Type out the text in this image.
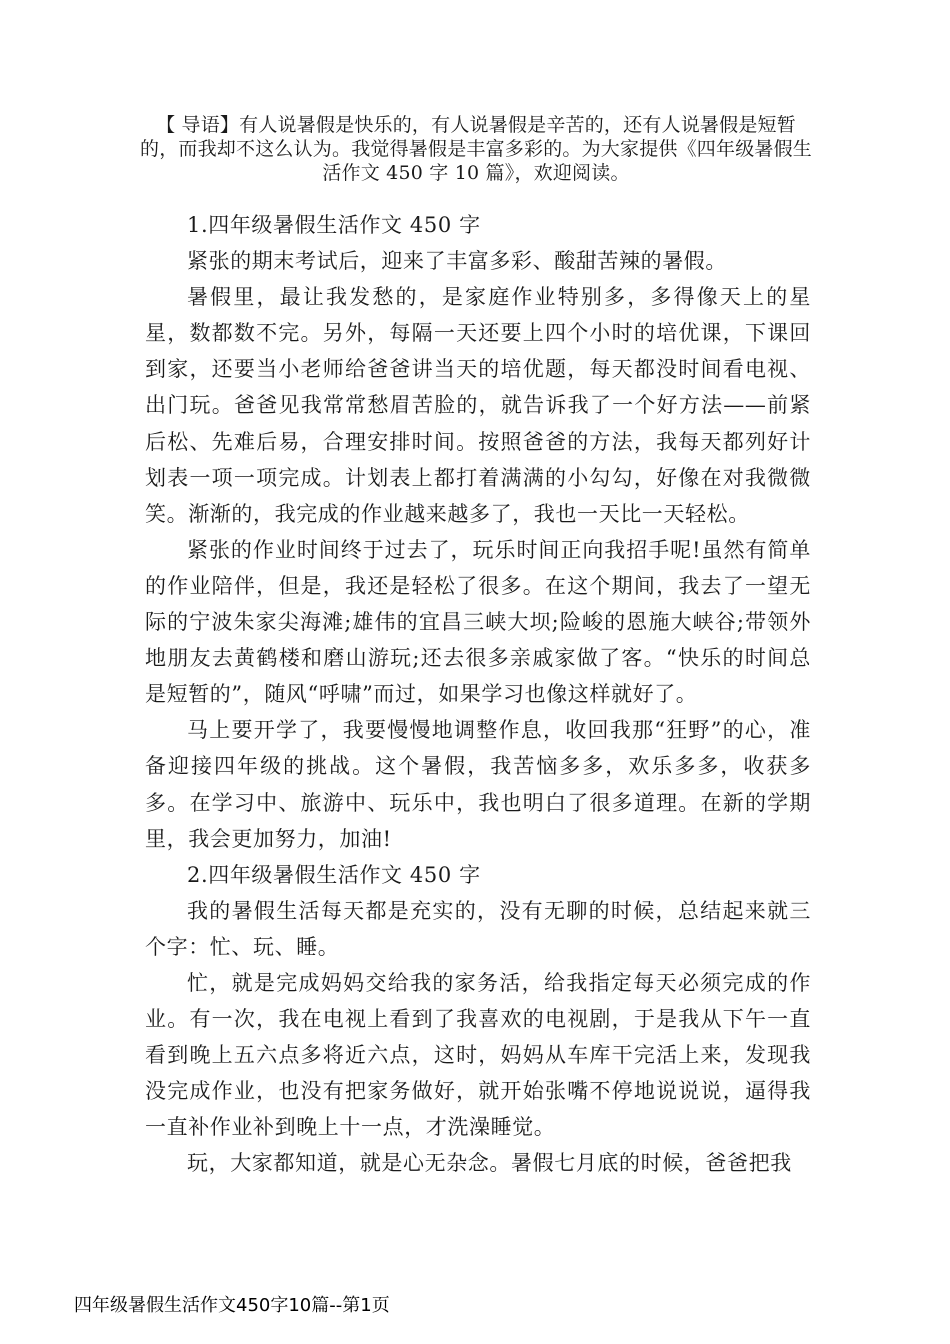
【 导语】有人说暑假是快乐的，有人说暑假是辛苦的，还有人说暑假是短暂的，而我却不这么认为。我觉得暑假是丰富多彩的。为大家提供《四年级暑假生活作文 450 字 10 篇》，欢迎阅读。

1.四年级暑假生活作文 450 字

紧张的期末考试后，迎来了丰富多彩、酸甜苦辣的暑假。

暑假里，最让我发愁的，是家庭作业特别多，多得像天上的星星，数都数不完。另外，每隔一天还要上四个小时的培优课，下课回到家，还要当小老师给爸爸讲当天的培优题，每天都没时间看电视、出门玩。爸爸见我常常愁眉苦脸的，就告诉我了一个好方法——前紧后松、先难后易，合理安排时间。按照爸爸的方法，我每天都列好计划表一项一项完成。计划表上都打着满满的小勾勾，好像在对我微微笑。渐渐的，我完成的作业越来越多了，我也一天比一天轻松。

紧张的作业时间终于过去了，玩乐时间正向我招手呢!虽然有简单的作业陪伴，但是，我还是轻松了很多。在这个期间，我去了一望无际的宁波朱家尖海滩;雄伟的宜昌三峡大坝;险峻的恩施大峡谷;带领外地朋友去黄鹤楼和磨山游玩;还去很多亲戚家做了客。“快乐的时间总是短暂的”，随风“呼啸”而过，如果学习也像这样就好了。

马上要开学了，我要慢慢地调整作息，收回我那“狂野”的心，准备迎接四年级的挑战。这个暑假，我苦恼多多，欢乐多多，收获多多。在学习中、旅游中、玩乐中，我也明白了很多道理。在新的学期里，我会更加努力，加油!

2.四年级暑假生活作文 450 字

我的暑假生活每天都是充实的，没有无聊的时候，总结起来就三个字：忙、玩、睡。

忙，就是完成妈妈交给我的家务活，给我指定每天必须完成的作业。有一次，我在电视上看到了我喜欢的电视剧，于是我从下午一直看到晚上五六点多将近六点，这时，妈妈从车库干完活上来，发现我没完成作业，也没有把家务做好，就开始张嘴不停地说说说，逼得我一直补作业补到晚上十一点，才洗澡睡觉。

玩，大家都知道，就是心无杂念。暑假七月底的时候，爸爸把我

四年级暑假生活作文450字10篇--第1页
